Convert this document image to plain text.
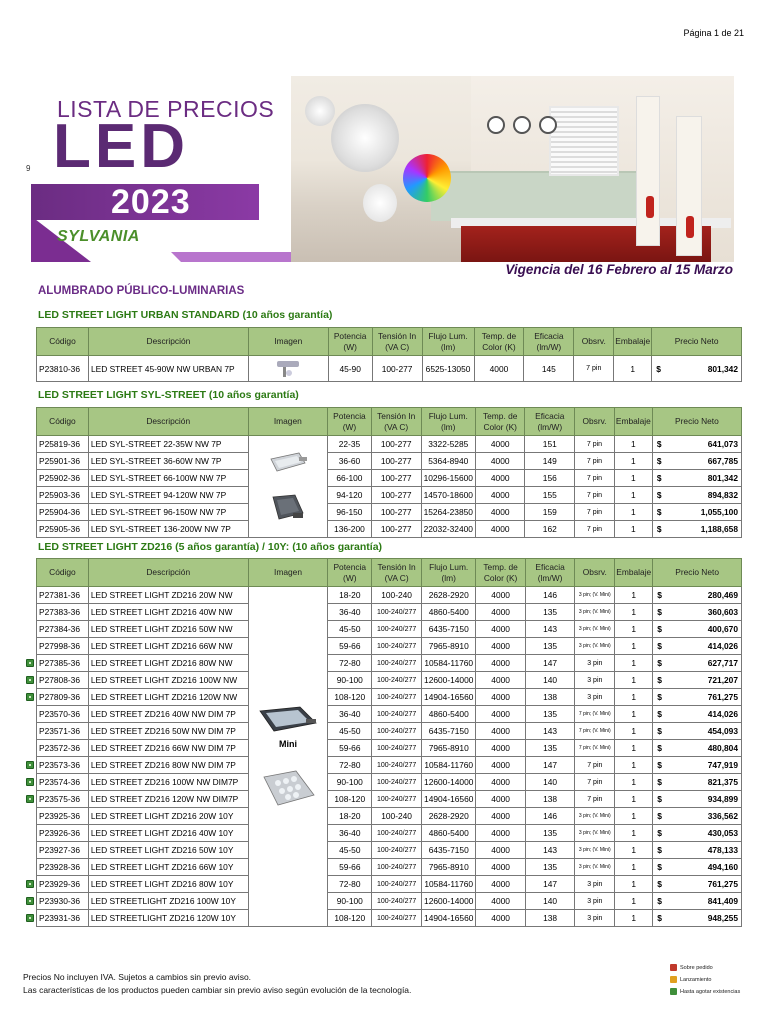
Página 1 de 21
LISTA DE PRECIOS
LED
2023
SYLVANIA
9
Vigencia del 16 Febrero al 15 Marzo
ALUMBRADO PÚBLICO-LUMINARIAS
LED STREET LIGHT URBAN STANDARD (10 años garantía)
Código	Descripción	Imagen	Potencia (W)	Tensión In (VA C)	Flujo Lum. (lm)	Temp. de Color (K)	Eficacia (lm/W)	Obsrv.	Embalaje	Precio Neto
P23810-36	LED STREET 45-90W NW URBAN 7P		45-90	100-277	6525-13050	4000	145	7 pin	1	$ 801,342
LED STREET LIGHT SYL-STREET (10 años garantía)
Código	Descripción	Imagen	Potencia (W)	Tensión In (VA C)	Flujo Lum. (lm)	Temp. de Color (K)	Eficacia (lm/W)	Obsrv.	Embalaje	Precio Neto
P25819-36	LED SYL-STREET 22-35W NW 7P		22-35	100-277	3322-5285	4000	151	7 pin	1	$ 641,073
P25901-36	LED SYL-STREET 36-60W NW 7P		36-60	100-277	5364-8940	4000	149	7 pin	1	$ 667,785
P25902-36	LED SYL-STREET 66-100W NW 7P		66-100	100-277	10296-15600	4000	156	7 pin	1	$ 801,342
P25903-36	LED SYL-STREET 94-120W NW 7P		94-120	100-277	14570-18600	4000	155	7 pin	1	$ 894,832
P25904-36	LED SYL-STREET 96-150W NW 7P		96-150	100-277	15264-23850	4000	159	7 pin	1	$ 1,055,100
P25905-36	LED SYL-STREET 136-200W NW 7P		136-200	100-277	22032-32400	4000	162	7 pin	1	$ 1,188,658
LED STREET LIGHT ZD216 (5 años garantía) / 10Y: (10 años garantía)
Código	Descripción	Imagen	Potencia (W)	Tensión In (VA C)	Flujo Lum. (lm)	Temp. de Color (K)	Eficacia (lm/W)	Obsrv.	Embalaje	Precio Neto
P27381-36	LED STREET LIGHT ZD216 20W NW	Mini	18-20	100-240	2628-2920	4000	146	3 pin; (V. Mini)	1	$ 280,469
P27383-36	LED STREET LIGHT ZD216 40W NW		36-40	100-240/277	4860-5400	4000	135	3 pin; (V. Mini)	1	$ 360,603
P27384-36	LED STREET LIGHT ZD216 50W NW		45-50	100-240/277	6435-7150	4000	143	3 pin; (V. Mini)	1	$ 400,670
P27998-36	LED STREET LIGHT ZD216 66W NW		59-66	100-240/277	7965-8910	4000	135	3 pin; (V. Mini)	1	$ 414,026
P27385-36	LED STREET LIGHT ZD216 80W NW		72-80	100-240/277	10584-11760	4000	147	3 pin	1	$ 627,717
P27808-36	LED STREET LIGHT ZD216 100W NW		90-100	100-240/277	12600-14000	4000	140	3 pin	1	$ 721,207
P27809-36	LED STREET LIGHT ZD216 120W NW		108-120	100-240/277	14904-16560	4000	138	3 pin	1	$ 761,275
P23570-36	LED STREET ZD216 40W NW DIM 7P		36-40	100-240/277	4860-5400	4000	135	7 pin; (V. Mini)	1	$ 414,026
P23571-36	LED STREET ZD216 50W NW DIM 7P		45-50	100-240/277	6435-7150	4000	143	7 pin; (V. Mini)	1	$ 454,093
P23572-36	LED STREET ZD216 66W NW DIM 7P		59-66	100-240/277	7965-8910	4000	135	7 pin; (V. Mini)	1	$ 480,804
P23573-36	LED STREET ZD216 80W NW DIM 7P		72-80	100-240/277	10584-11760	4000	147	7 pin	1	$ 747,919
P23574-36	LED STREET ZD216 100W NW DIM7P		90-100	100-240/277	12600-14000	4000	140	7 pin	1	$ 821,375
P23575-36	LED STREET ZD216 120W NW DIM7P		108-120	100-240/277	14904-16560	4000	138	7 pin	1	$ 934,899
P23925-36	LED STREET LIGHT ZD216 20W 10Y		18-20	100-240	2628-2920	4000	146	3 pin; (V. Mini)	1	$ 336,562
P23926-36	LED STREET LIGHT ZD216 40W 10Y		36-40	100-240/277	4860-5400	4000	135	3 pin; (V. Mini)	1	$ 430,053
P23927-36	LED STREET LIGHT ZD216 50W 10Y		45-50	100-240/277	6435-7150	4000	143	3 pin; (V. Mini)	1	$ 478,133
P23928-36	LED STREET LIGHT ZD216 66W 10Y		59-66	100-240/277	7965-8910	4000	135	3 pin; (V. Mini)	1	$ 494,160
P23929-36	LED STREET LIGHT ZD216 80W 10Y		72-80	100-240/277	10584-11760	4000	147	3 pin	1	$ 761,275
P23930-36	LED STREETLIGHT ZD216 100W 10Y		90-100	100-240/277	12600-14000	4000	140	3 pin	1	$ 841,409
P23931-36	LED STREETLIGHT ZD216 120W 10Y		108-120	100-240/277	14904-16560	4000	138	3 pin	1	$ 948,255
Precios No incluyen IVA. Sujetos a cambios sin previo aviso.
Las características de los productos pueden cambiar sin previo aviso según evolución de la tecnología.
Sobre pedido
Lanzamiento
Hasta agotar existencias
